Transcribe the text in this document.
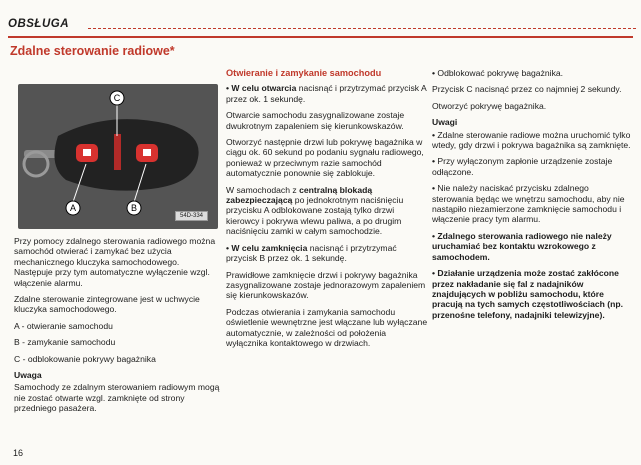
OBSŁUGA
Zdalne sterowanie radiowe*
C
A	B
54D-334

Przy pomocy zdalnego sterowania radiowego można samochód otwierać i zamykać bez użycia mechanicznego kluczyka samochodowego. Następuje przy tym automatyczne wyłączenie wzgl. włączenie alarmu.

Zdalne sterowanie zintegrowane jest w uchwycie kluczyka samochodowego.

A - otwieranie samochodu

B - zamykanie samochodu

C - odblokowanie pokrywy bagażnika

Uwaga

Samochody ze zdalnym sterowaniem radiowym mogą nie zostać otwarte wzgl. zamknięte od strony przedniego pasażera.

Otwieranie i zamykanie samochodu

• W celu otwarcia nacisnąć i przytrzymać przycisk A przez ok. 1 sekundę.

Otwarcie samochodu zasygnalizowane zostaje dwukrotnym zapaleniem się kierunkowskazów.

Otworzyć następnie drzwi lub pokrywę bagażnika w ciągu ok. 60 sekund po podaniu sygnału radiowego, ponieważ w przeciwnym razie samochód automatycznie ponownie się zablokuje.

W samochodach z centralną blokadą zabezpieczającą po jednokrotnym naciśnięciu przycisku A odblokowane zostają tylko drzwi kierowcy i pokrywa wlewu paliwa, a po drugim naciśnięciu zamki w całym samochodzie.

• W celu zamknięcia nacisnąć i przytrzymać przycisk B przez ok. 1 sekundę.

Prawidłowe zamknięcie drzwi i pokrywy bagażnika zasygnalizowane zostaje jednorazowym zapaleniem się kierunkowskazów.

Podczas otwierania i zamykania samochodu oświetlenie wewnętrzne jest włączane lub wyłączane automatycznie, w zależności od położenia wyłącznika kontaktowego w drzwiach.

• Odblokować pokrywę bagażnika.

Przycisk C nacisnąć przez co najmniej 2 sekundy.

Otworzyć pokrywę bagażnika.

Uwagi

• Zdalne sterowanie radiowe można uruchomić tylko wtedy, gdy drzwi i pokrywa bagażnika są zamknięte.

• Przy wyłączonym zapłonie urządzenie zostaje odłączone.

• Nie należy naciskać przycisku zdalnego sterowania będąc we wnętrzu samochodu, aby nie nastąpiło niezamierzone zamknięcie samochodu i włączenie pracy tym alarmu.

• Zdalnego sterowania radiowego nie należy uruchamiać bez kontaktu wzrokowego z samochodem.

• Działanie urządzenia może zostać zakłócone przez nakładanie się fal z nadajników znajdujących w pobliżu samochodu, które pracują na tych samych częstotliwościach (np. przenośne telefony, nadajniki telewizyjne).

16
